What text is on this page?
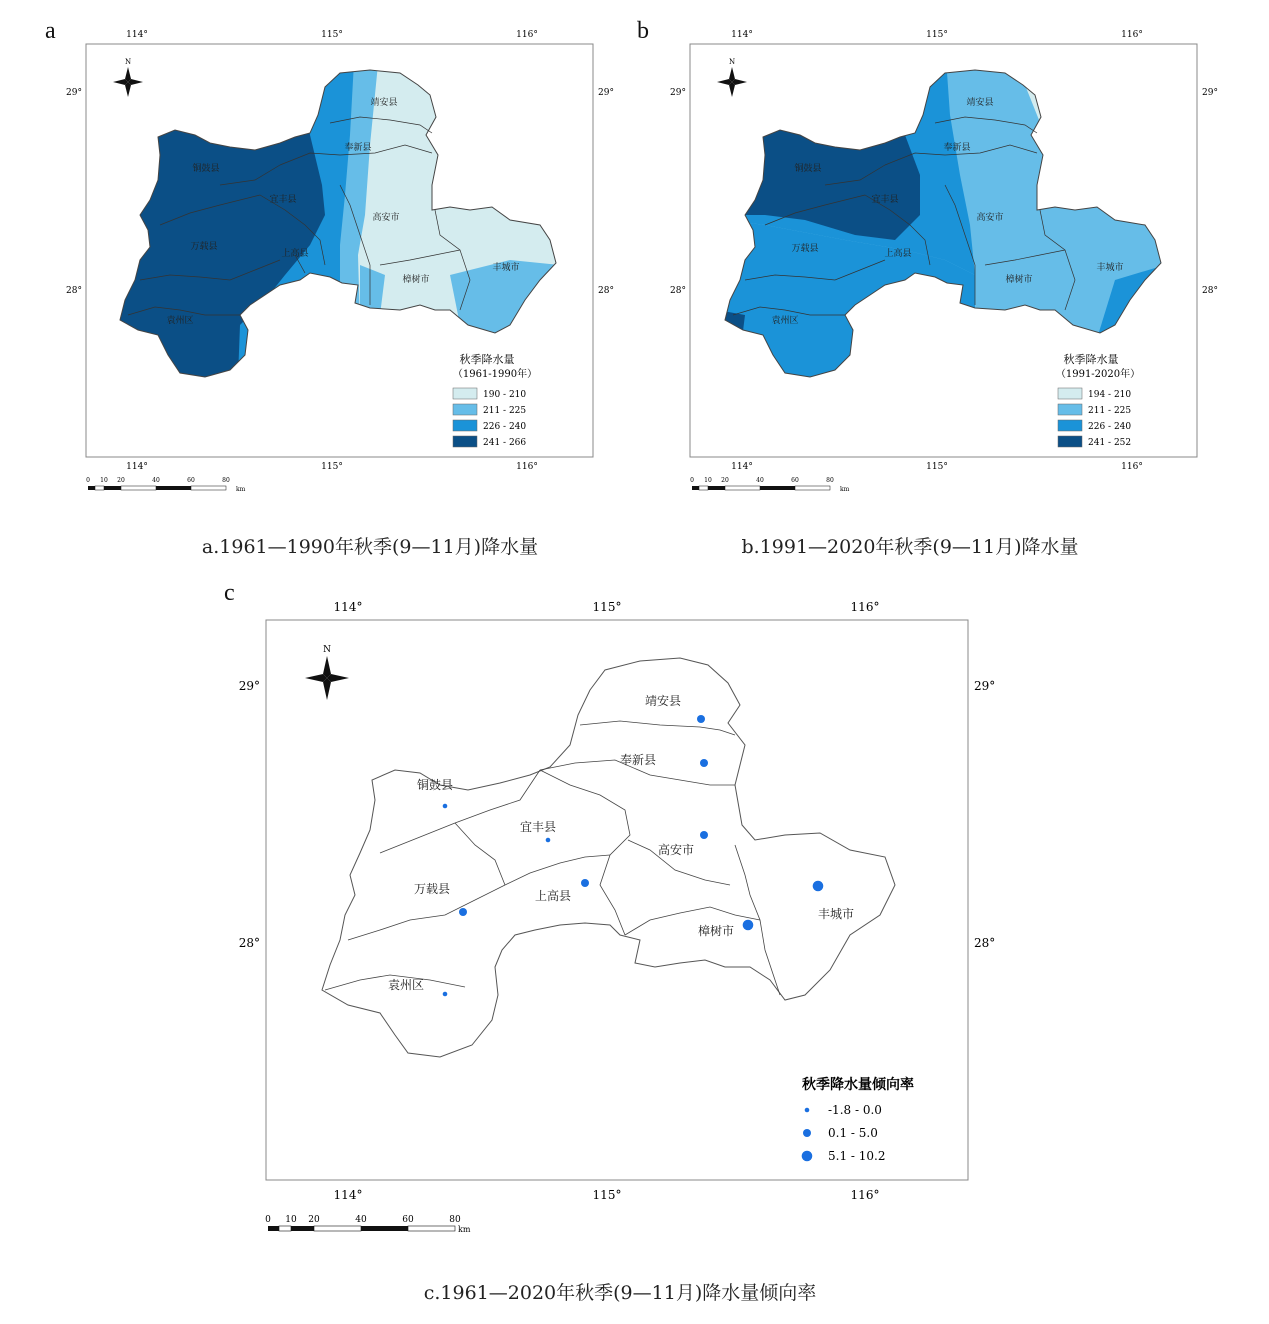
a	b
c
114°	115°	116°
114°	115°	116°
29°
28°
29°
28°
靖安县
奉新县
铜鼓县
宜丰县
高安市
万载县
上高县
丰城市
樟树市
袁州区
N
秋季降水量
（1961-1990年）
190 - 210
211 - 225
226 - 240
241 - 266
0 10 20	40	60	80
km
114°	115°	116°
114°	115°	116°
29°
28°
29°
28°
靖安县
奉新县
铜鼓县
宜丰县
高安市
万载县	上高县
丰城市
樟树市
袁州区
N
秋季降水量
（1991-2020年）
194 - 210
211 - 225
226 - 240
241 - 252
0 10 20	40	60	80
km
a.1961—1990年秋季(9—11月)降水量	b.1991—2020年秋季(9—11月)降水量
114°	115°	116°
114°	115°	116°
29°
28°
29°
28°
靖安县
奉新县
铜鼓县
宜丰县
高安市
万载县	上高县
丰城市
樟树市
袁州区
N
秋季降水量倾向率
-1.8 - 0.0
0.1 - 5.0
5.1 - 10.2
0 10 20	40	60	80
km
c.1961—2020年秋季(9—11月)降水量倾向率
